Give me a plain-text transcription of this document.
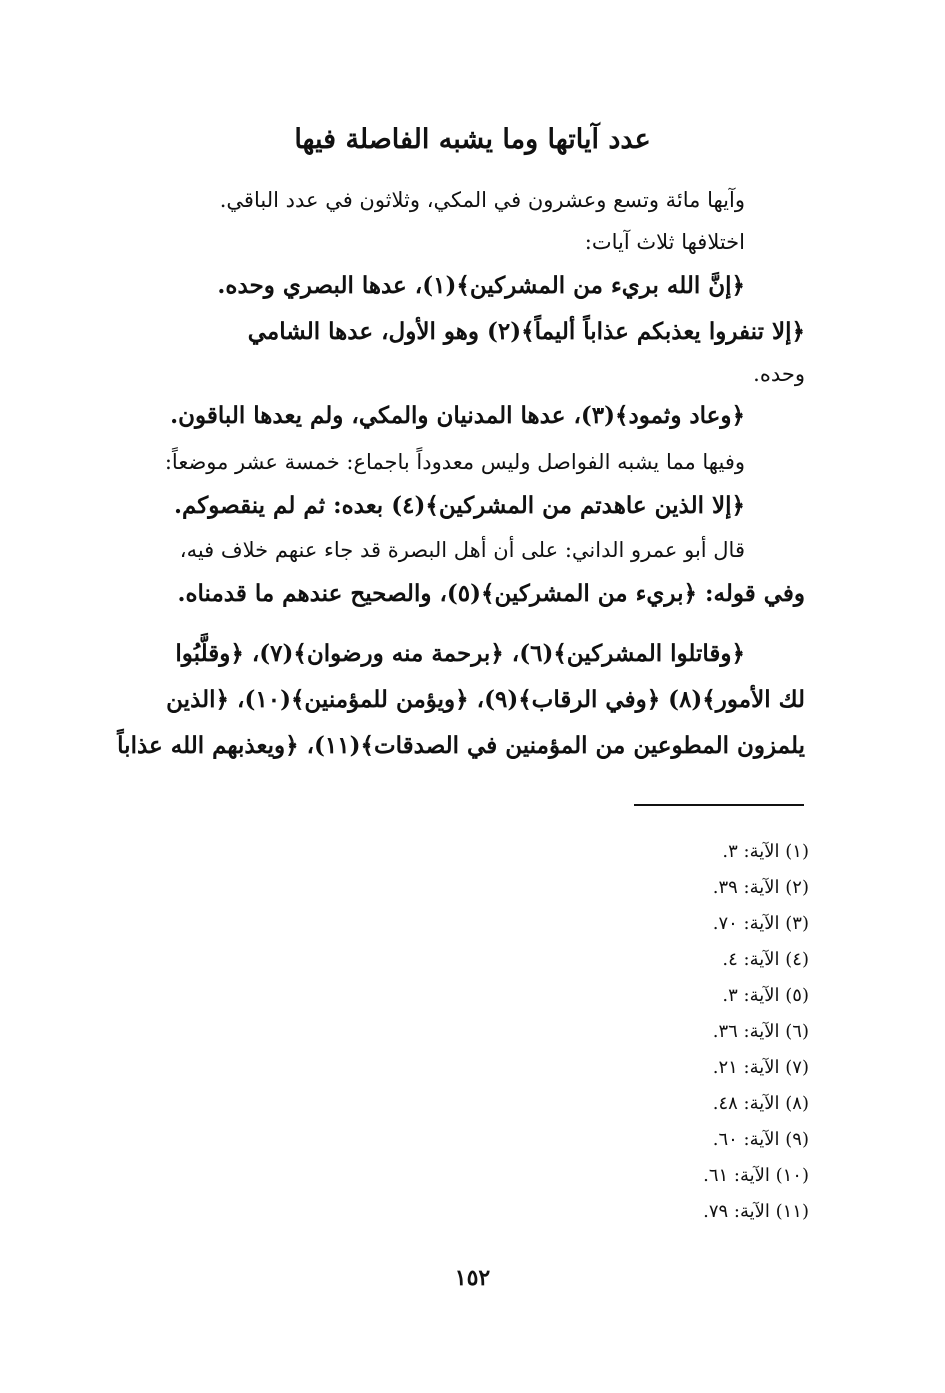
عدد آياتها وما يشبه الفاصلة فيها
وآيها مائة وتسع وعشرون في المكي، وثلاثون في عدد الباقي.
اختلافها ثلاث آيات:
﴿إنَّ الله بريء من المشركين﴾(١)، عدها البصري وحده.
﴿إلا تنفروا يعذبكم عذاباً أليماً﴾(٢) وهو الأول، عدها الشامي
وحده.
﴿وعاد وثمود﴾(٣)، عدها المدنيان والمكي، ولم يعدها الباقون.
وفيها مما يشبه الفواصل وليس معدوداً باجماع: خمسة عشر موضعاً:
﴿إلا الذين عاهدتم من المشركين﴾(٤) بعده: ثم لم ينقصوكم.
قال أبو عمرو الداني: على أن أهل البصرة قد جاء عنهم خلاف فيه،
وفي قوله: ﴿بريء من المشركين﴾(٥)، والصحيح عندهم ما قدمناه.
﴿وقاتلوا المشركين﴾(٦)، ﴿برحمة منه ورضوان﴾(٧)، ﴿وقلَّبُوا
لك الأمور﴾(٨) ﴿وفي الرقاب﴾(٩)، ﴿ويؤمن للمؤمنين﴾(١٠)، ﴿الذين
يلمزون المطوعين من المؤمنين في الصدقات﴾(١١)، ﴿ويعذبهم الله عذاباً
(١) الآية: ٣.
(٢) الآية: ٣٩.
(٣) الآية: ٧٠.
(٤) الآية: ٤.
(٥) الآية: ٣.
(٦) الآية: ٣٦.
(٧) الآية: ٢١.
(٨) الآية: ٤٨.
(٩) الآية: ٦٠.
(١٠) الآية: ٦١.
(١١) الآية: ٧٩.
١٥٢
